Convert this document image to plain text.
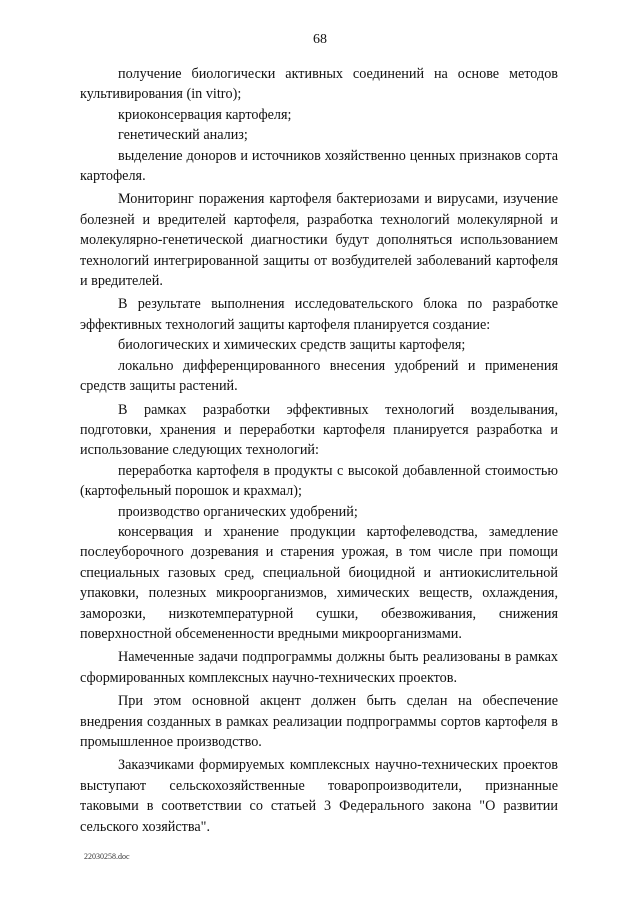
68

получение биологически активных соединений на основе методов культивирования (in vitro);

криоконсервация картофеля;

генетический анализ;

выделение доноров и источников хозяйственно ценных признаков сорта картофеля.

Мониторинг поражения картофеля бактериозами и вирусами, изучение болезней и вредителей картофеля, разработка технологий молекулярной и молекулярно-генетической диагностики будут дополняться использованием технологий интегрированной защиты от возбудителей заболеваний картофеля и вредителей.

В результате выполнения исследовательского блока по разработке эффективных технологий защиты картофеля планируется создание:

биологических и химических средств защиты картофеля;

локально дифференцированного внесения удобрений и применения средств защиты растений.

В рамках разработки эффективных технологий возделывания, подготовки, хранения и переработки картофеля планируется разработка и использование следующих технологий:

переработка картофеля в продукты с высокой добавленной стоимостью (картофельный порошок и крахмал);

производство органических удобрений;

консервация и хранение продукции картофелеводства, замедление послеуборочного дозревания и старения урожая, в том числе при помощи специальных газовых сред, специальной биоцидной и антиокислительной упаковки, полезных микроорганизмов, химических веществ, охлаждения, заморозки, низкотемпературной сушки, обезвоживания, снижения поверхностной обсемененности вредными микроорганизмами.

Намеченные задачи подпрограммы должны быть реализованы в рамках сформированных комплексных научно-технических проектов.

При этом основной акцент должен быть сделан на обеспечение внедрения созданных в рамках реализации подпрограммы сортов картофеля в промышленное производство.

Заказчиками формируемых комплексных научно-технических проектов выступают сельскохозяйственные товаропроизводители, признанные таковыми в соответствии со статьей 3 Федерального закона "О развитии сельского хозяйства".

22030258.doc
